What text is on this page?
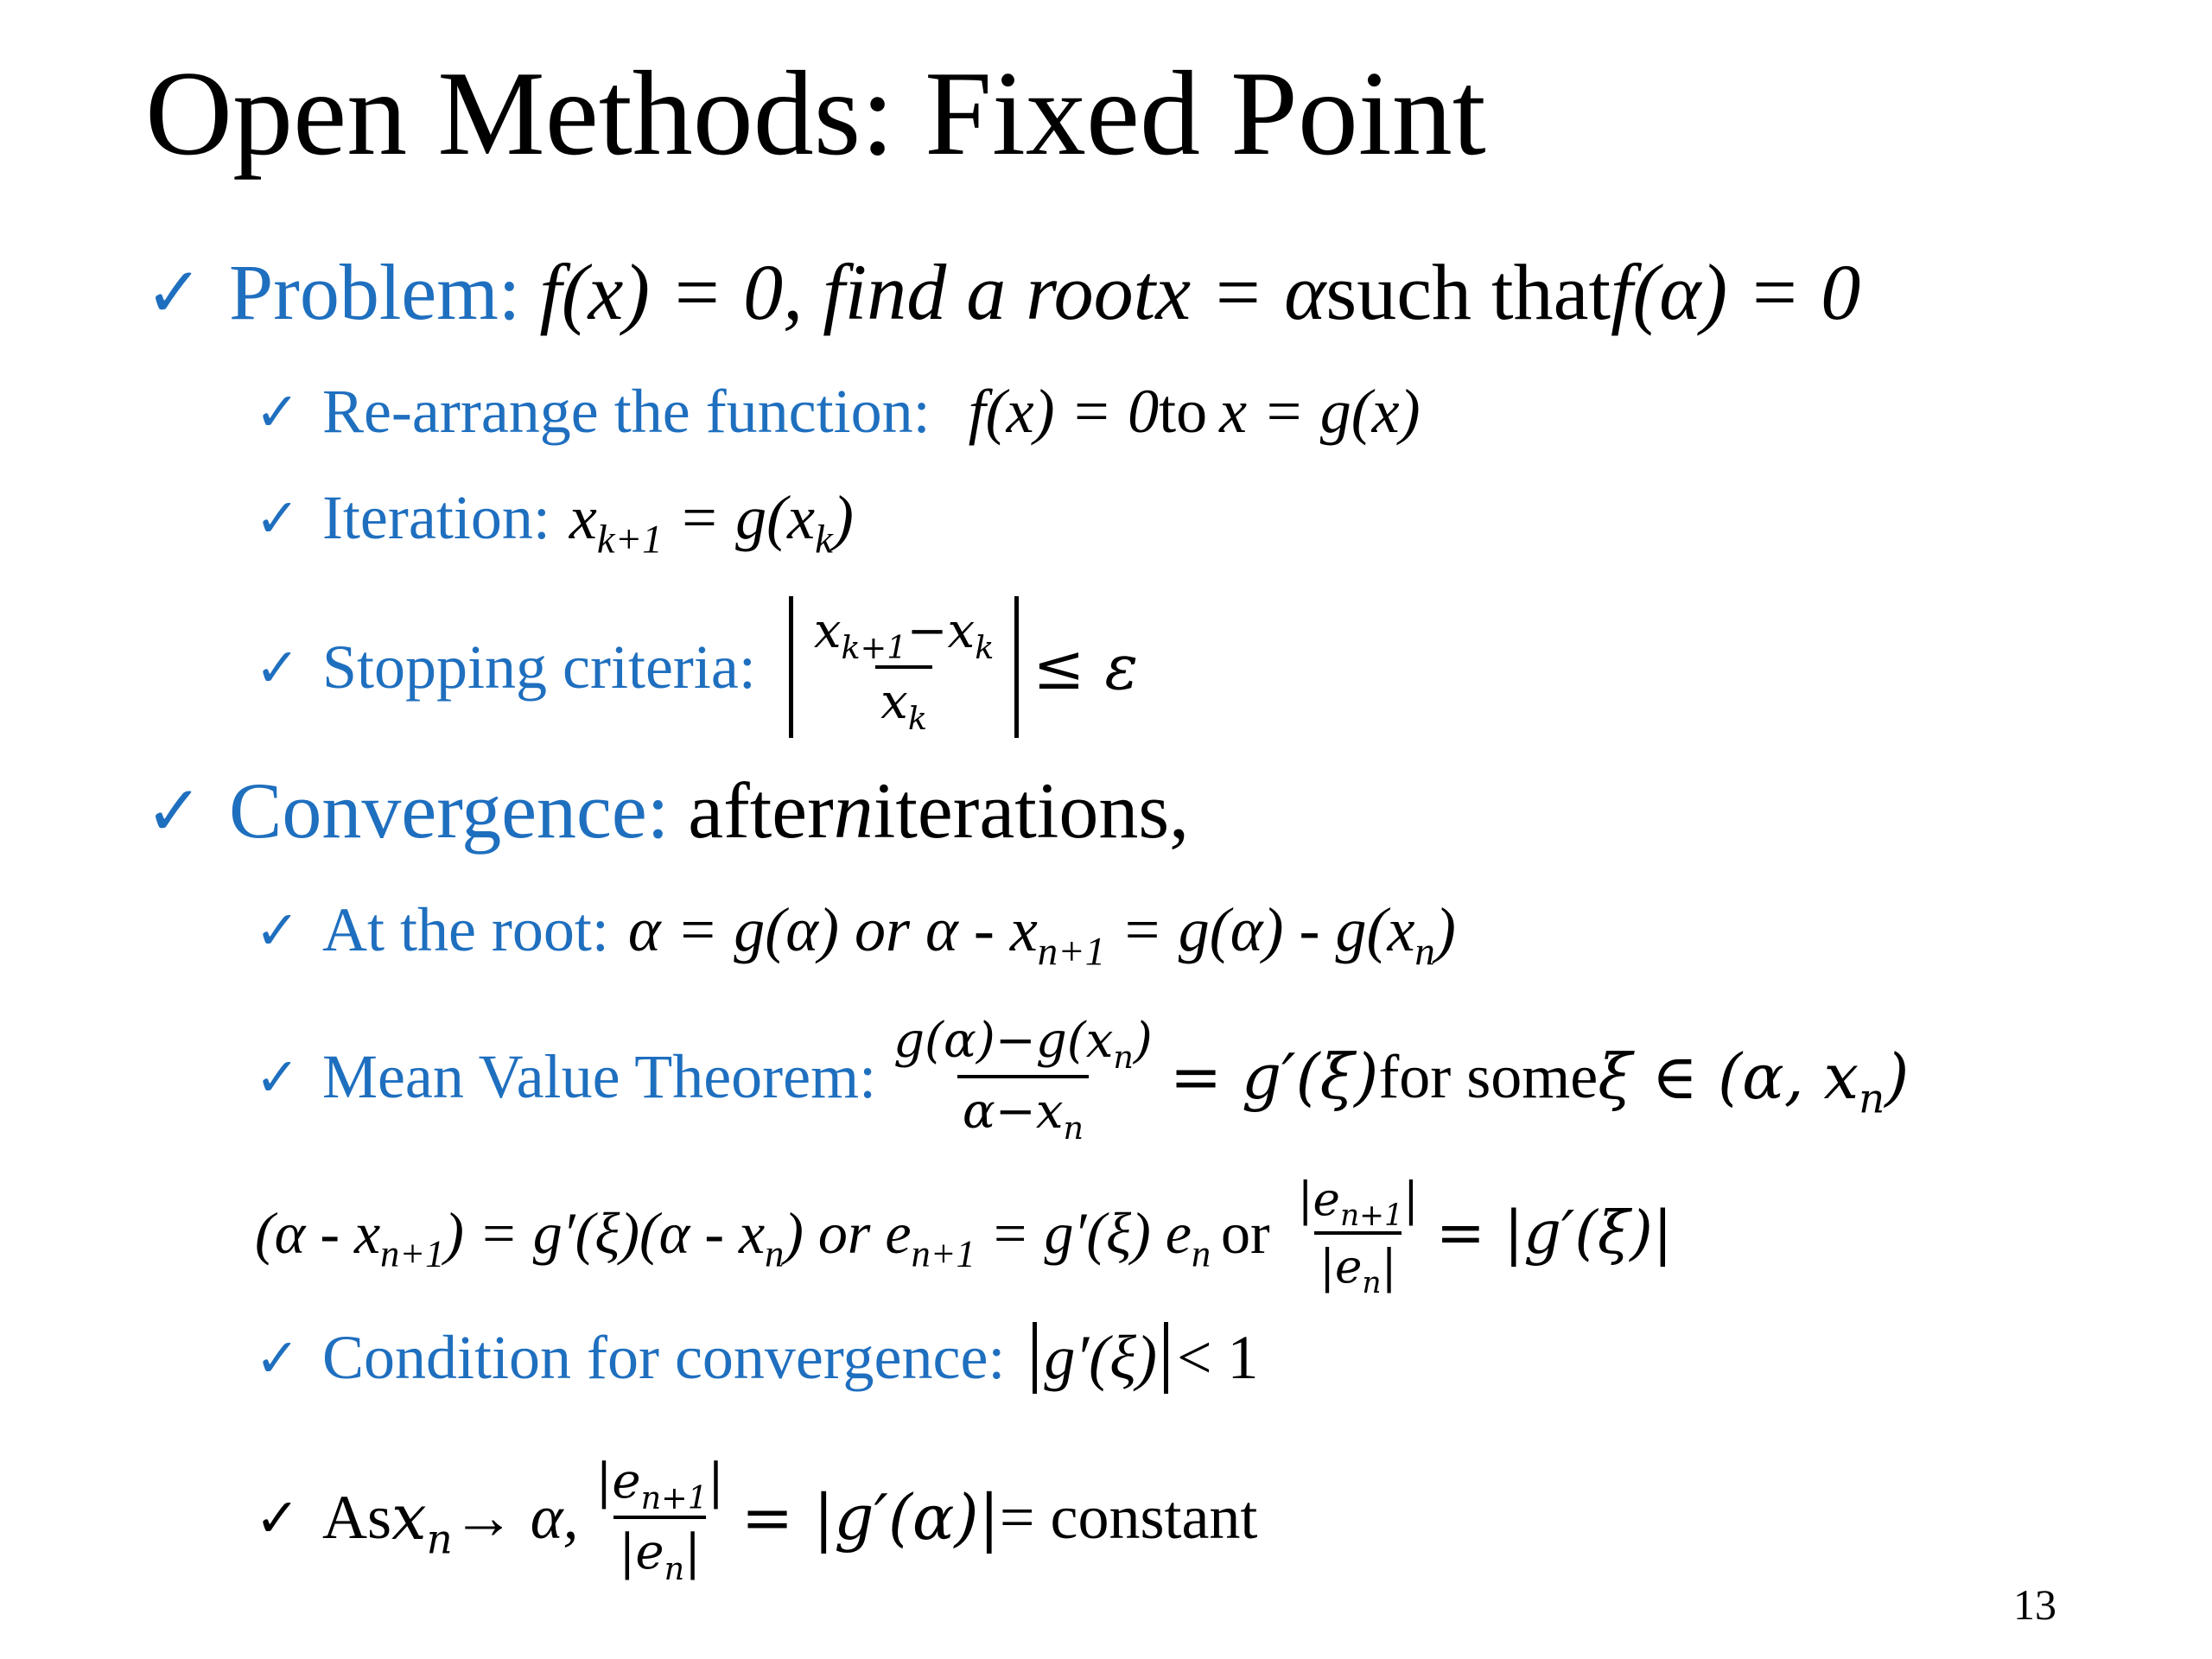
Open Methods: Fixed Point
✓ Problem: f(x) = 0, find a root x = α such that f(α) = 0
✓ Re-arrange the function: f(x) = 0 to x = g(x)
✓ Iteration: $x_{k+1} = g(x_k)$
✓ Stopping criteria: $\frac{x_{k+1}-x_k}{x_k} \le \varepsilon$
✓ Convergence: after n iterations,
✓ At the root: α = g(α) or $\alpha - x_{n+1} = g(\alpha) - g(x_n)$
✓ Mean Value Theorem: $\frac{g(\alpha)-g(x_n)}{\alpha-x_n} = g'(\xi)$ for some ξ ∈ (α, $x_n$)
$(\alpha - x_{n+1}) = g'(\xi)(\alpha - x_n)$ or $e_{n+1} = g'(\xi)$ $e_n$ or $\frac{|e_{n+1}|}{|e_n|} = |g'(\xi)|$
✓ Condition for convergence: g′(ξ) < 1
✓ As $x_n \to \alpha$, $\frac{|e_{n+1}|}{|e_n|} = |g'(\alpha)|$ = constant
13
